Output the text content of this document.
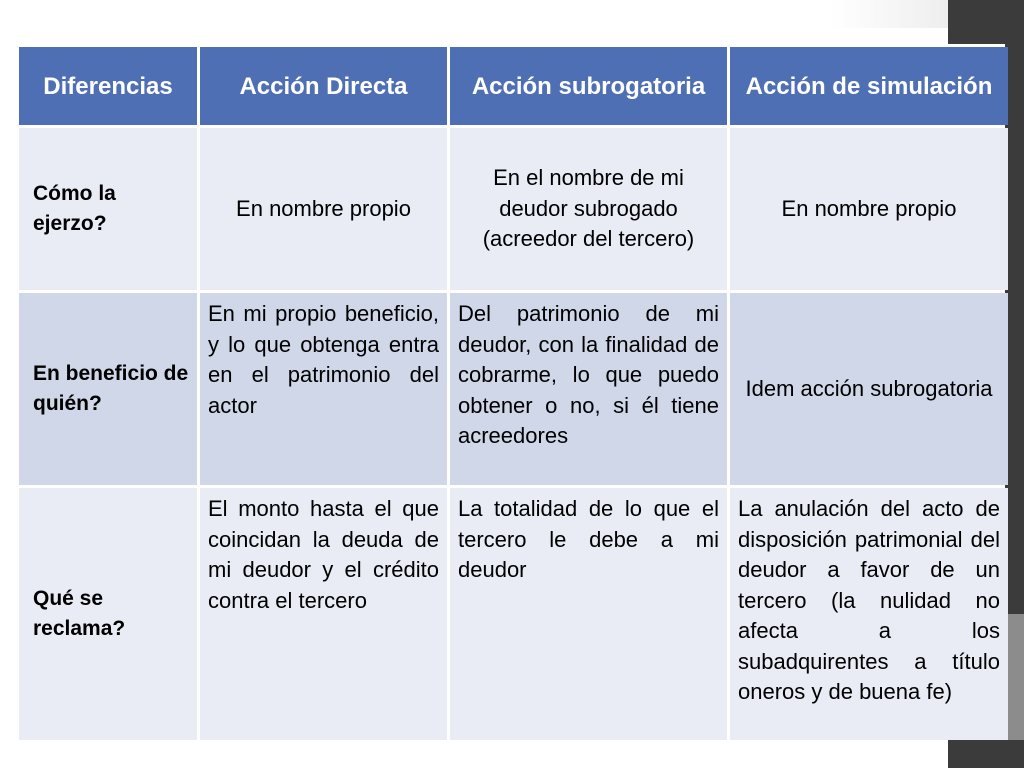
Diferencias	Acción Directa	Acción subrogatoria	Acción de simulación
Cómo la ejerzo?	En nombre propio	En el nombre de mi deudor subrogado (acreedor del tercero)	En nombre propio
En beneficio de quién?	En mi propio beneficio, y lo que obtenga entra en el patrimonio del actor	Del patrimonio de mi deudor, con la finalidad de cobrarme, lo que puedo obtener o no, si él tiene acreedores	Idem acción subrogatoria
Qué se reclama?	El monto hasta el que coincidan la deuda de mi deudor y el crédito contra el tercero	La totalidad de lo que el tercero le debe a mi deudor	La anulación del acto de disposición patrimonial del deudor a favor de un tercero (la nulidad no afecta a los subadquirentes a título oneros y de buena fe)
